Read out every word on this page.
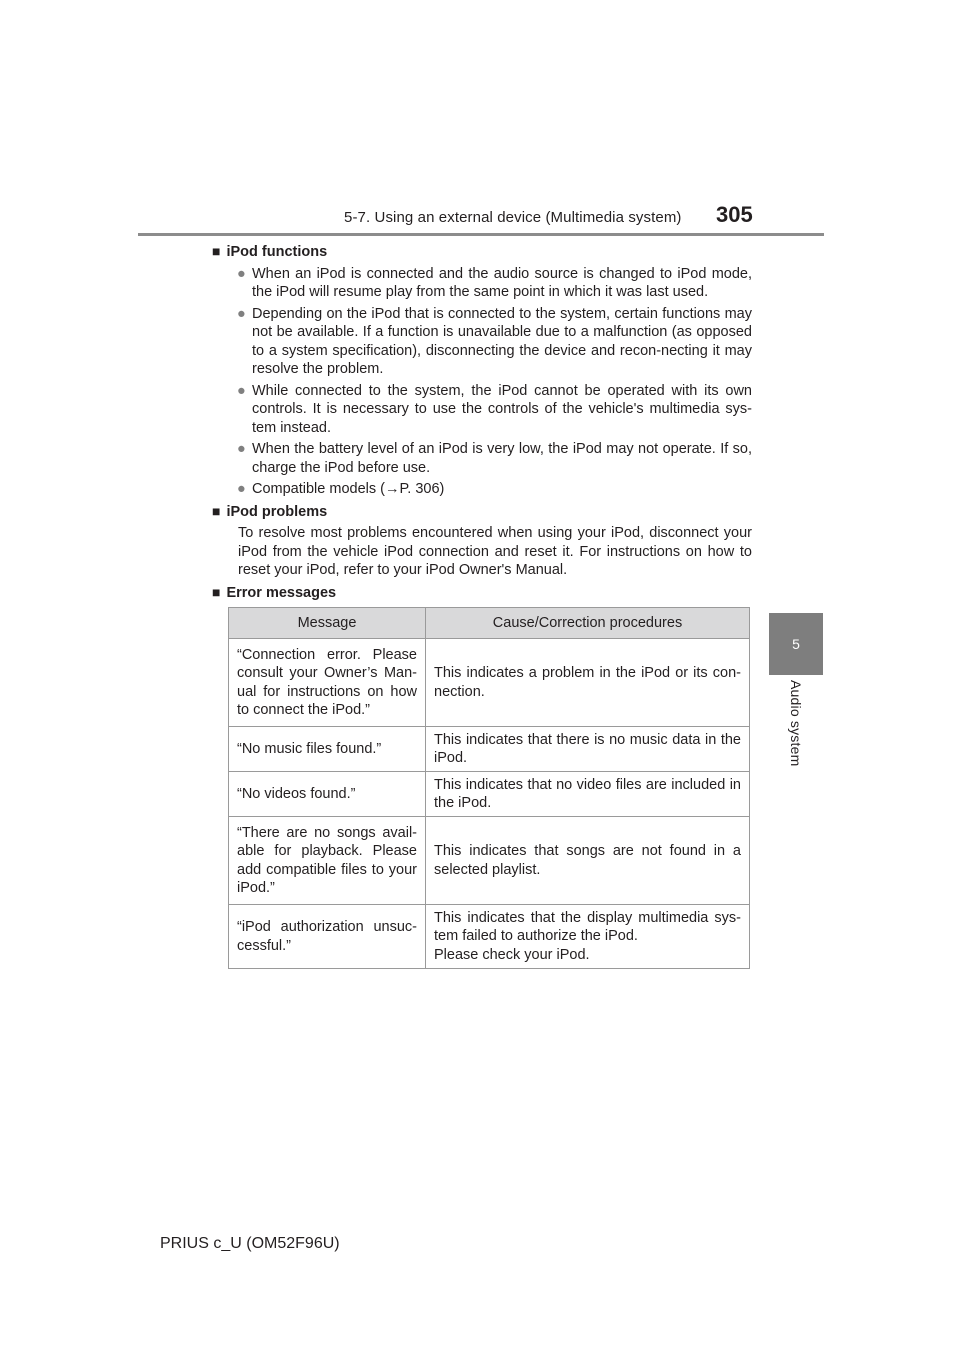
5-7. Using an external device (Multimedia system) 305
5
Audio system
■ iPod functions
● When an iPod is connected and the audio source is changed to iPod mode, the iPod will resume play from the same point in which it was last used.
● Depending on the iPod that is connected to the system, certain functions may not be available. If a function is unavailable due to a malfunction (as opposed to a system specification), disconnecting the device and recon-necting it may resolve the problem.
● While connected to the system, the iPod cannot be operated with its own controls. It is necessary to use the controls of the vehicle's multimedia sys-tem instead.
● When the battery level of an iPod is very low, the iPod may not operate. If so, charge the iPod before use.
● Compatible models (→P. 306)
■ iPod problems
To resolve most problems encountered when using your iPod, disconnect your iPod from the vehicle iPod connection and reset it. For instructions on how to reset your iPod, refer to your iPod Owner's Manual.
■ Error messages
Message	Cause/Correction procedures
“Connection error. Please consult your Owner’s Man-ual for instructions on how to connect the iPod.”	This indicates a problem in the iPod or its con-nection.
“No music files found.”	This indicates that there is no music data in the iPod.
“No videos found.”	This indicates that no video files are included in the iPod.
“There are no songs avail-able for playback. Please add compatible files to your iPod.”	This indicates that songs are not found in a selected playlist.
“iPod authorization unsuc-cessful.”	This indicates that the display multimedia sys-tem failed to authorize the iPod.
Please check your iPod.
PRIUS c_U (OM52F96U)
